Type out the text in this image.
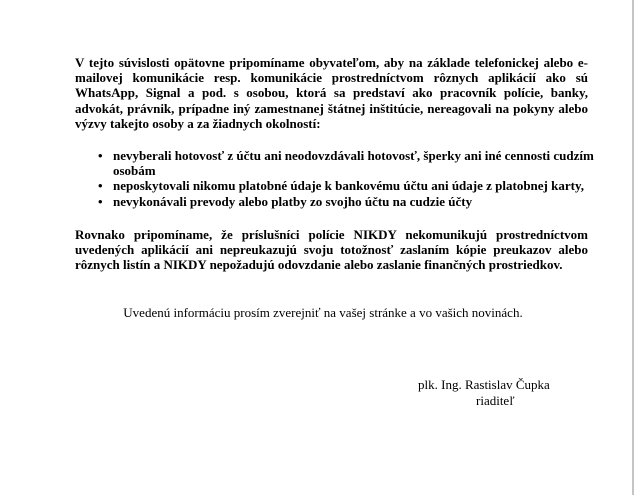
V tejto súvislosti opätovne pripomíname obyvateľom, aby na základe telefonickej alebo e-mailovej komunikácie resp. komunikácie prostredníctvom rôznych aplikácií ako sú WhatsApp, Signal a pod. s osobou, ktorá sa predstaví ako pracovník polície, banky, advokát, právnik, prípadne iný zamestnanej štátnej inštitúcie, nereagovali na pokyny alebo výzvy takejto osoby a za žiadnych okolností:

• nevyberali hotovosť z účtu ani neodovzdávali hotovosť, šperky ani iné cennosti cudzím osobám
• neposkytovali nikomu platobné údaje k bankovému účtu ani údaje z platobnej karty,
• nevykonávali prevody alebo platby zo svojho účtu na cudzie účty

Rovnako pripomíname, že príslušníci polície NIKDY nekomunikujú prostredníctvom uvedených aplikácií ani nepreukazujú svoju totožnosť zaslaním kópie preukazov alebo rôznych listín a NIKDY nepožadujú odovzdanie alebo zaslanie finančných prostriedkov.

Uvedenú informáciu prosím zverejniť na vašej stránke a vo vašich novinách.

plk. Ing. Rastislav Čupka

riaditeľ
